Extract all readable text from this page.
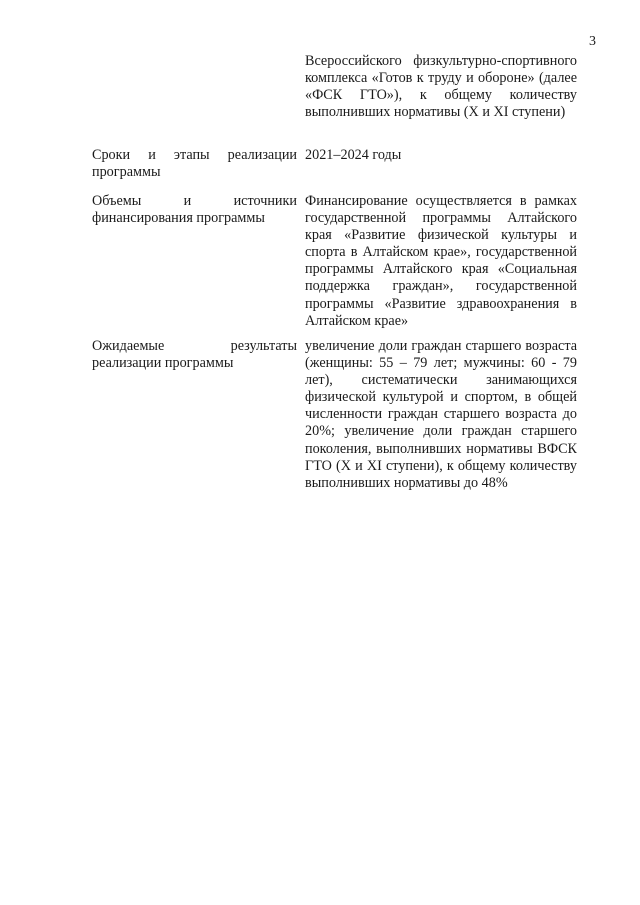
3
Всероссийского физкультурно-спортивного комплекса «Готов к труду и обороне» (далее «ФСК ГТО»), к общему количеству выполнивших нормативы (X и XI ступени)
Сроки и этапы реализации программы
2021–2024 годы
Объемы и источники финансирования программы
Финансирование осуществляется в рамках государственной программы Алтайского края «Развитие физической культуры и спорта в Алтайском крае», государственной программы Алтайского края «Социальная поддержка граждан», государственной программы «Развитие здравоохранения в Алтайском крае»
Ожидаемые результаты реализации программы
увеличение доли граждан старшего возраста (женщины: 55 – 79 лет; мужчины: 60 - 79 лет), систематически занимающихся физической культурой и спортом, в общей численности граждан старшего возраста до 20%; увеличение доли граждан старшего поколения, выполнивших нормативы ВФСК ГТО (X и XI ступени), к общему количеству выполнивших нормативы до 48%
